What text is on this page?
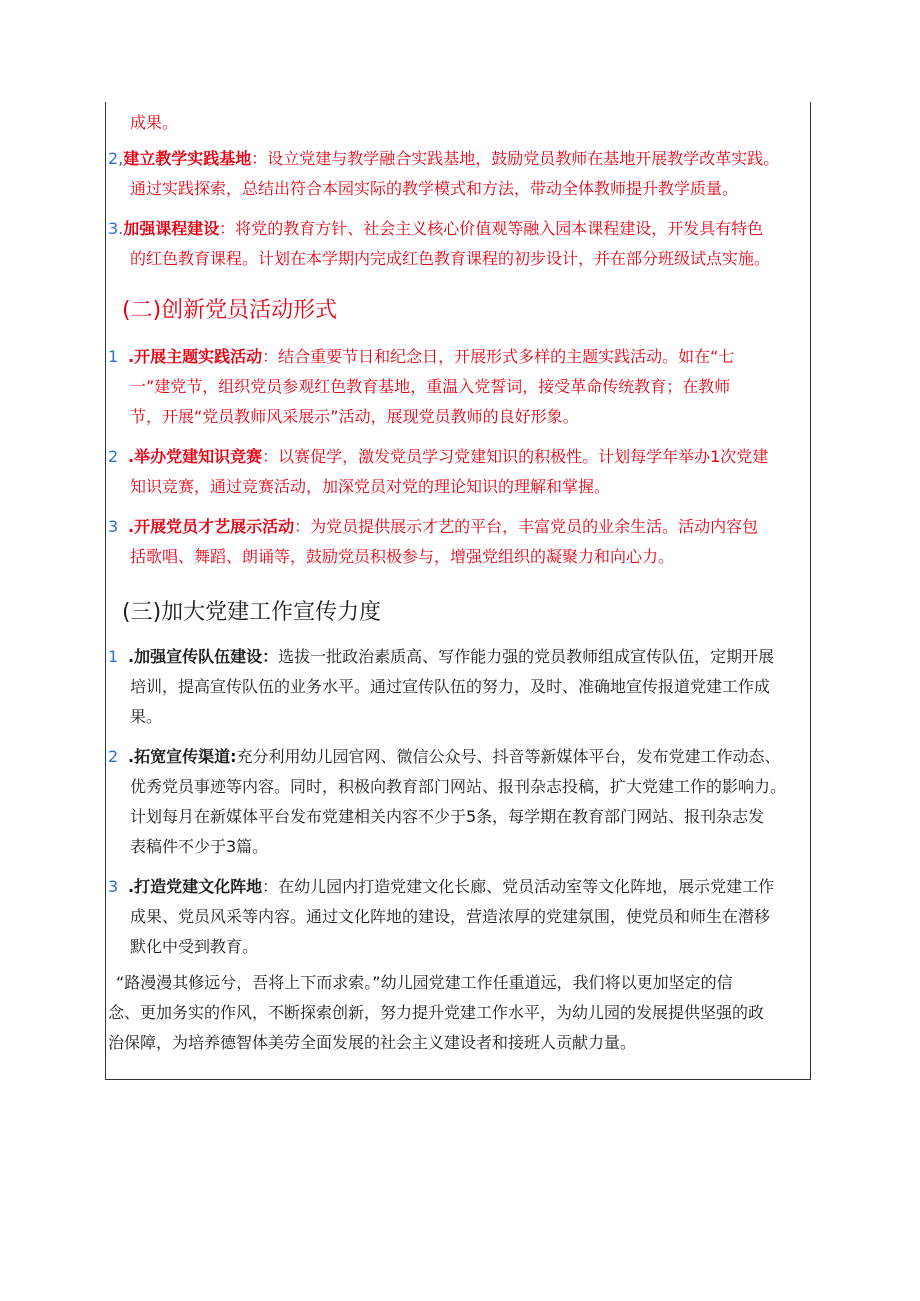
成果。
2,建立教学实践基地：设立党建与教学融合实践基地，鼓励党员教师在基地开展教学改革实践。
通过实践探索，总结出符合本园实际的教学模式和方法，带动全体教师提升教学质量。
3.加强课程建设：将党的教育方针、社会主义核心价值观等融入园本课程建设，开发具有特色
的红色教育课程。计划在本学期内完成红色教育课程的初步设计，并在部分班级试点实施。
(二)创新党员活动形式
1 .开展主题实践活动：结合重要节日和纪念日，开展形式多样的主题实践活动。如在“七
一”建党节，组织党员参观红色教育基地，重温入党誓词，接受革命传统教育；在教师
节，开展“党员教师风采展示”活动，展现党员教师的良好形象。
2 .举办党建知识竞赛：以赛促学，激发党员学习党建知识的积极性。计划每学年举办1次党建
知识竞赛，通过竞赛活动，加深党员对党的理论知识的理解和掌握。
3 .开展党员才艺展示活动：为党员提供展示才艺的平台，丰富党员的业余生活。活动内容包
括歌唱、舞蹈、朗诵等，鼓励党员积极参与，增强党组织的凝聚力和向心力。
(三)加大党建工作宣传力度
1 .加强宣传队伍建设：选拔一批政治素质高、写作能力强的党员教师组成宣传队伍，定期开展
培训，提高宣传队伍的业务水平。通过宣传队伍的努力，及时、准确地宣传报道党建工作成
果。
2 .拓宽宣传渠道:充分利用幼儿园官网、微信公众号、抖音等新媒体平台，发布党建工作动态、
优秀党员事迹等内容。同时，积极向教育部门网站、报刊杂志投稿，扩大党建工作的影响力。
计划每月在新媒体平台发布党建相关内容不少于5条，每学期在教育部门网站、报刊杂志发
表稿件不少于3篇。
3 .打造党建文化阵地：在幼儿园内打造党建文化长廊、党员活动室等文化阵地，展示党建工作
成果、党员风采等内容。通过文化阵地的建设，营造浓厚的党建氛围，使党员和师生在潜移
默化中受到教育。
“路漫漫其修远兮，吾将上下而求索。”幼儿园党建工作任重道远，我们将以更加坚定的信
念、更加务实的作风，不断探索创新，努力提升党建工作水平，为幼儿园的发展提供坚强的政
治保障，为培养德智体美劳全面发展的社会主义建设者和接班人贡献力量。
